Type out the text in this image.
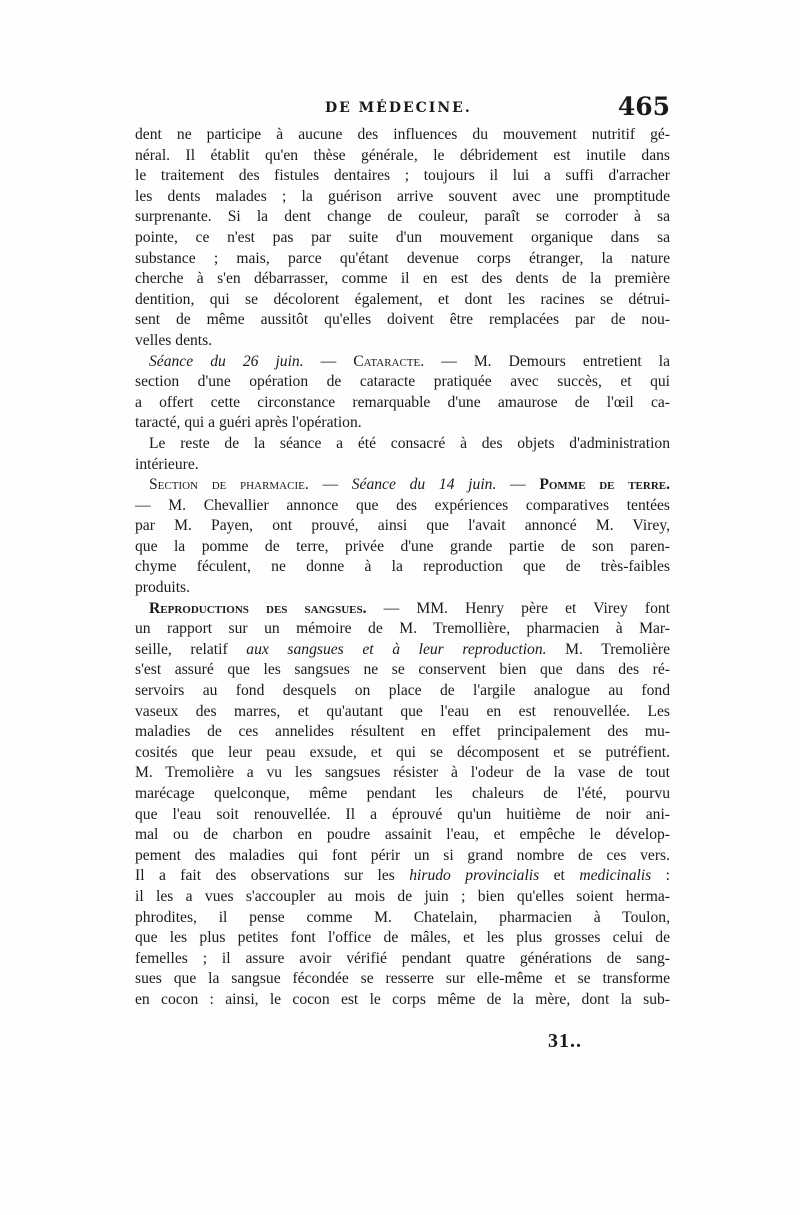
DE MÉDECINE.	465

dent ne participe à aucune des influences du mouvement nutritif gé-

néral. Il établit qu'en thèse générale, le débridement est inutile dans

le traitement des fistules dentaires ; toujours il lui a suffi d'arracher

les dents malades ; la guérison arrive souvent avec une promptitude

surprenante. Si la dent change de couleur, paraît se corroder à sa

pointe, ce n'est pas par suite d'un mouvement organique dans sa

substance ; mais, parce qu'étant devenue corps étranger, la nature

cherche à s'en débarrasser, comme il en est des dents de la première

dentition, qui se décolorent également, et dont les racines se détrui-

sent de même aussitôt qu'elles doivent être remplacées par de nou-

velles dents.

Séance du 26 juin. — Cataracte. — M. Demours entretient la

section d'une opération de cataracte pratiquée avec succès, et qui

a offert cette circonstance remarquable d'une amaurose de l'œil ca-

taracté, qui a guéri après l'opération.

Le reste de la séance a été consacré à des objets d'administration

intérieure.

Section de pharmacie. — Séance du 14 juin. — Pomme de terre.

— M. Chevallier annonce que des expériences comparatives tentées

par M. Payen, ont prouvé, ainsi que l'avait annoncé M. Virey,

que la pomme de terre, privée d'une grande partie de son paren-

chyme féculent, ne donne à la reproduction que de très-faibles

produits.

Reproductions des sangsues. — MM. Henry père et Virey font

un rapport sur un mémoire de M. Tremollière, pharmacien à Mar-

seille, relatif aux sangsues et à leur reproduction. M. Tremolière

s'est assuré que les sangsues ne se conservent bien que dans des ré-

servoirs au fond desquels on place de l'argile analogue au fond

vaseux des marres, et qu'autant que l'eau en est renouvellée. Les

maladies de ces annelides résultent en effet principalement des mu-

cosités que leur peau exsude, et qui se décomposent et se putréfient.

M. Tremolière a vu les sangsues résister à l'odeur de la vase de tout

marécage quelconque, même pendant les chaleurs de l'été, pourvu

que l'eau soit renouvellée. Il a éprouvé qu'un huitième de noir ani-

mal ou de charbon en poudre assainit l'eau, et empêche le dévelop-

pement des maladies qui font périr un si grand nombre de ces vers.

Il a fait des observations sur les hirudo provincialis et medicinalis :

il les a vues s'accoupler au mois de juin ; bien qu'elles soient herma-

phrodites, il pense comme M. Chatelain, pharmacien à Toulon,

que les plus petites font l'office de mâles, et les plus grosses celui de

femelles ; il assure avoir vérifié pendant quatre générations de sang-

sues que la sangsue fécondée se resserre sur elle-même et se transforme

en cocon : ainsi, le cocon est le corps même de la mère, dont la sub-

31..
